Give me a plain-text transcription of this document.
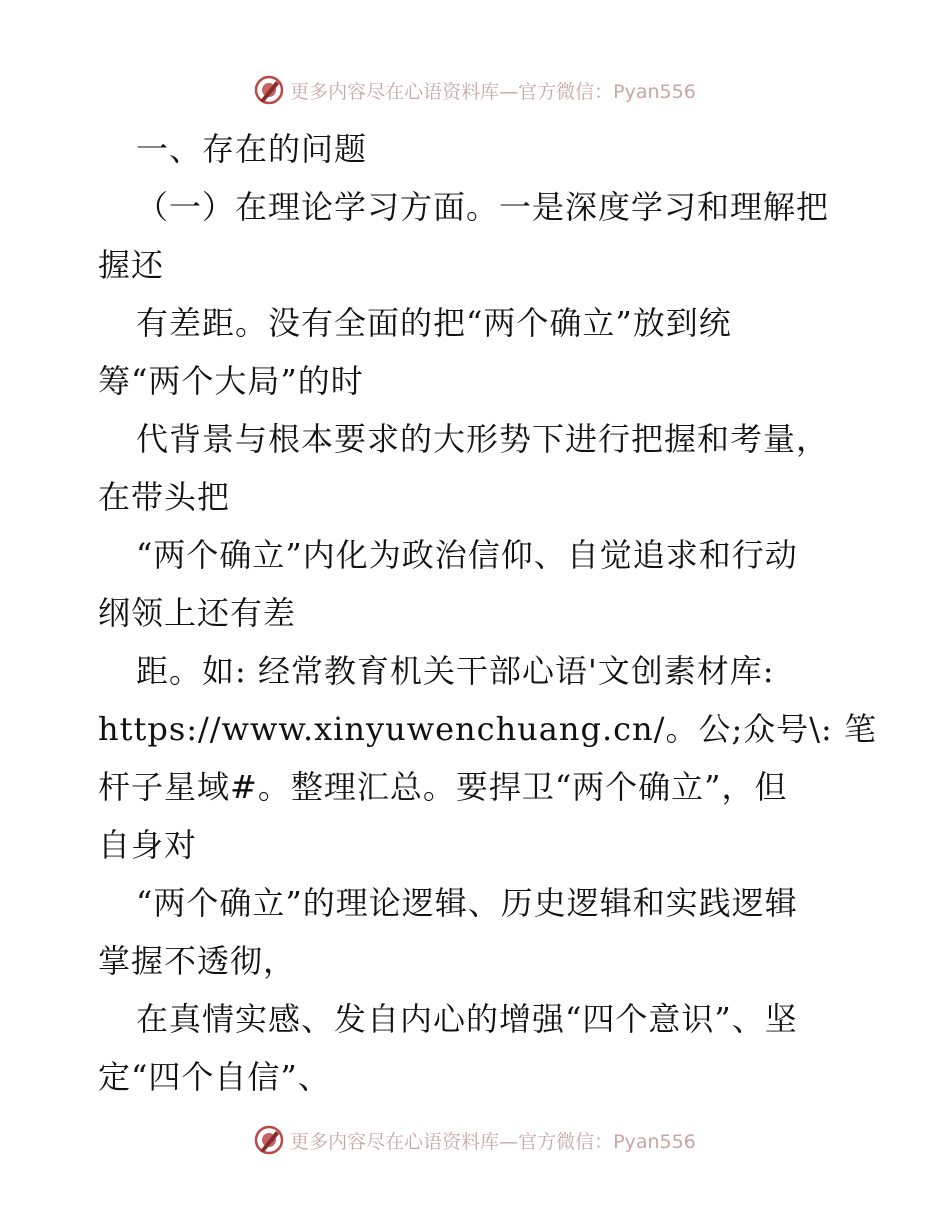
更多内容尽在心语资料库—官方微信：Pyan556
一、存在的问题
（一）在理论学习方面。一是深度学习和理解把
握还
有差距。没有全面的把“两个确立”放到统
筹“两个大局”的时
代背景与根本要求的大形势下进行把握和考量，
在带头把
“两个确立”内化为政治信仰、自觉追求和行动
纲领上还有差
距。如: 经常教育机关干部心语'文创素材库:
https://www.xinyuwenchuang.cn/。公;众号\: 笔
杆子星域#。整理汇总。要捍卫“两个确立”，但
自身对
“两个确立”的理论逻辑、历史逻辑和实践逻辑
掌握不透彻，
在真情实感、发自内心的增强“四个意识”、坚
定“四个自信”、
更多内容尽在心语资料库—官方微信：Pyan556
